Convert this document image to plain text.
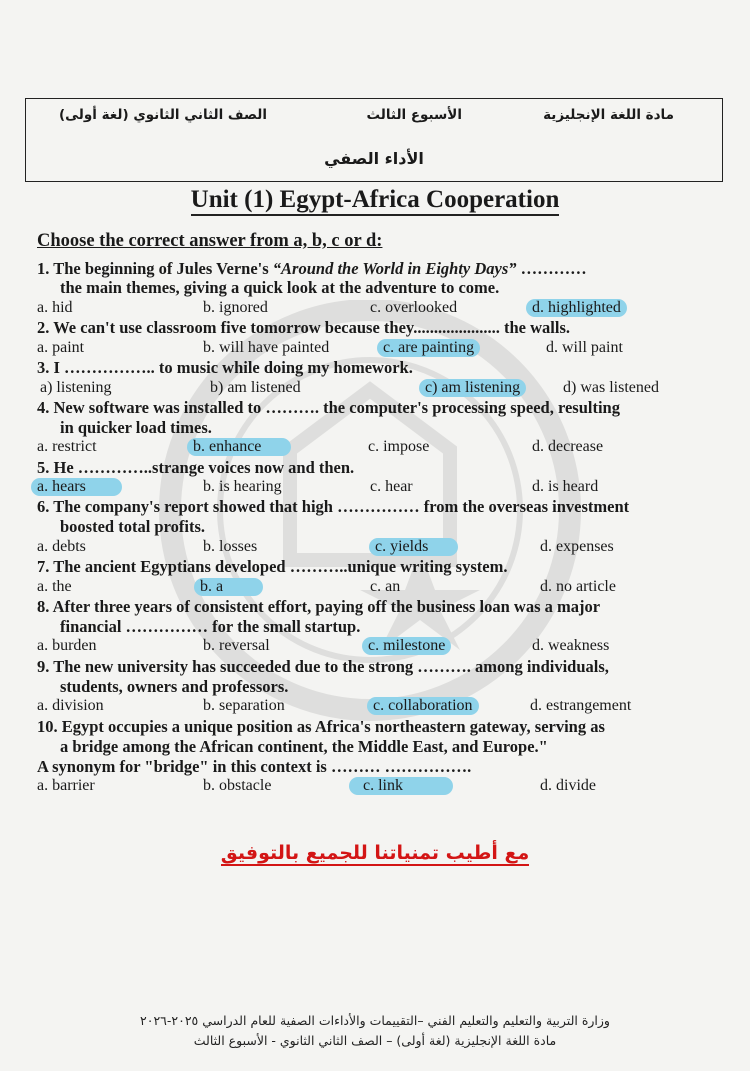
مادة اللغة الإنجليزية
الأسبوع الثالث
الصف الثاني الثانوي (لغة أولى)
الأداء الصفي
Unit (1) Egypt-Africa Cooperation
Choose the correct answer from a, b, c or d:
1. The beginning of Jules Verne's “Around the World in Eighty Days” …………
the main themes, giving a quick look at the adventure to come.
a. hid	b. ignored	c. overlooked	d. highlighted
2. We can't use classroom five tomorrow because they..................... the walls.
a. paint	b. will have painted	c. are painting	d. will paint
3. I …………….. to music while doing my homework.
a) listening	b) am listened	c) am listening	d) was listened
4. New software was installed to ………. the computer's processing speed, resulting
in quicker load times.
a. restrict	b. enhance	c. impose	d. decrease
5. He …………..strange voices now and then.
a. hears	b. is hearing	c. hear	d. is heard
6. The company's report showed that high …………… from the overseas investment
boosted total profits.
a. debts	b. losses	c. yields	d. expenses
7. The ancient Egyptians developed ………..unique writing system.
a. the	b. a	c. an	d. no article
8. After three years of consistent effort, paying off the business loan was a major
financial …………… for the small startup.
a. burden	b. reversal	c. milestone	d. weakness
9. The new university has succeeded due to the strong ………. among individuals,
students, owners and professors.
a. division	b. separation	c. collaboration	d. estrangement
10. Egypt occupies a unique position as Africa's northeastern gateway, serving as
a bridge among the African continent, the Middle East, and Europe."
A synonym for "bridge" in this context is ……… …………….
a. barrier	b. obstacle	c. link	d. divide
مع أطيب تمنياتنا للجميع بالتوفيق
وزارة التربية والتعليم والتعليم الفني –التقييمات والأداءات الصفية للعام الدراسي ٢٠٢٥-٢٠٢٦
مادة اللغة الإنجليزية (لغة أولى) – الصف الثاني الثانوي - الأسبوع الثالث
